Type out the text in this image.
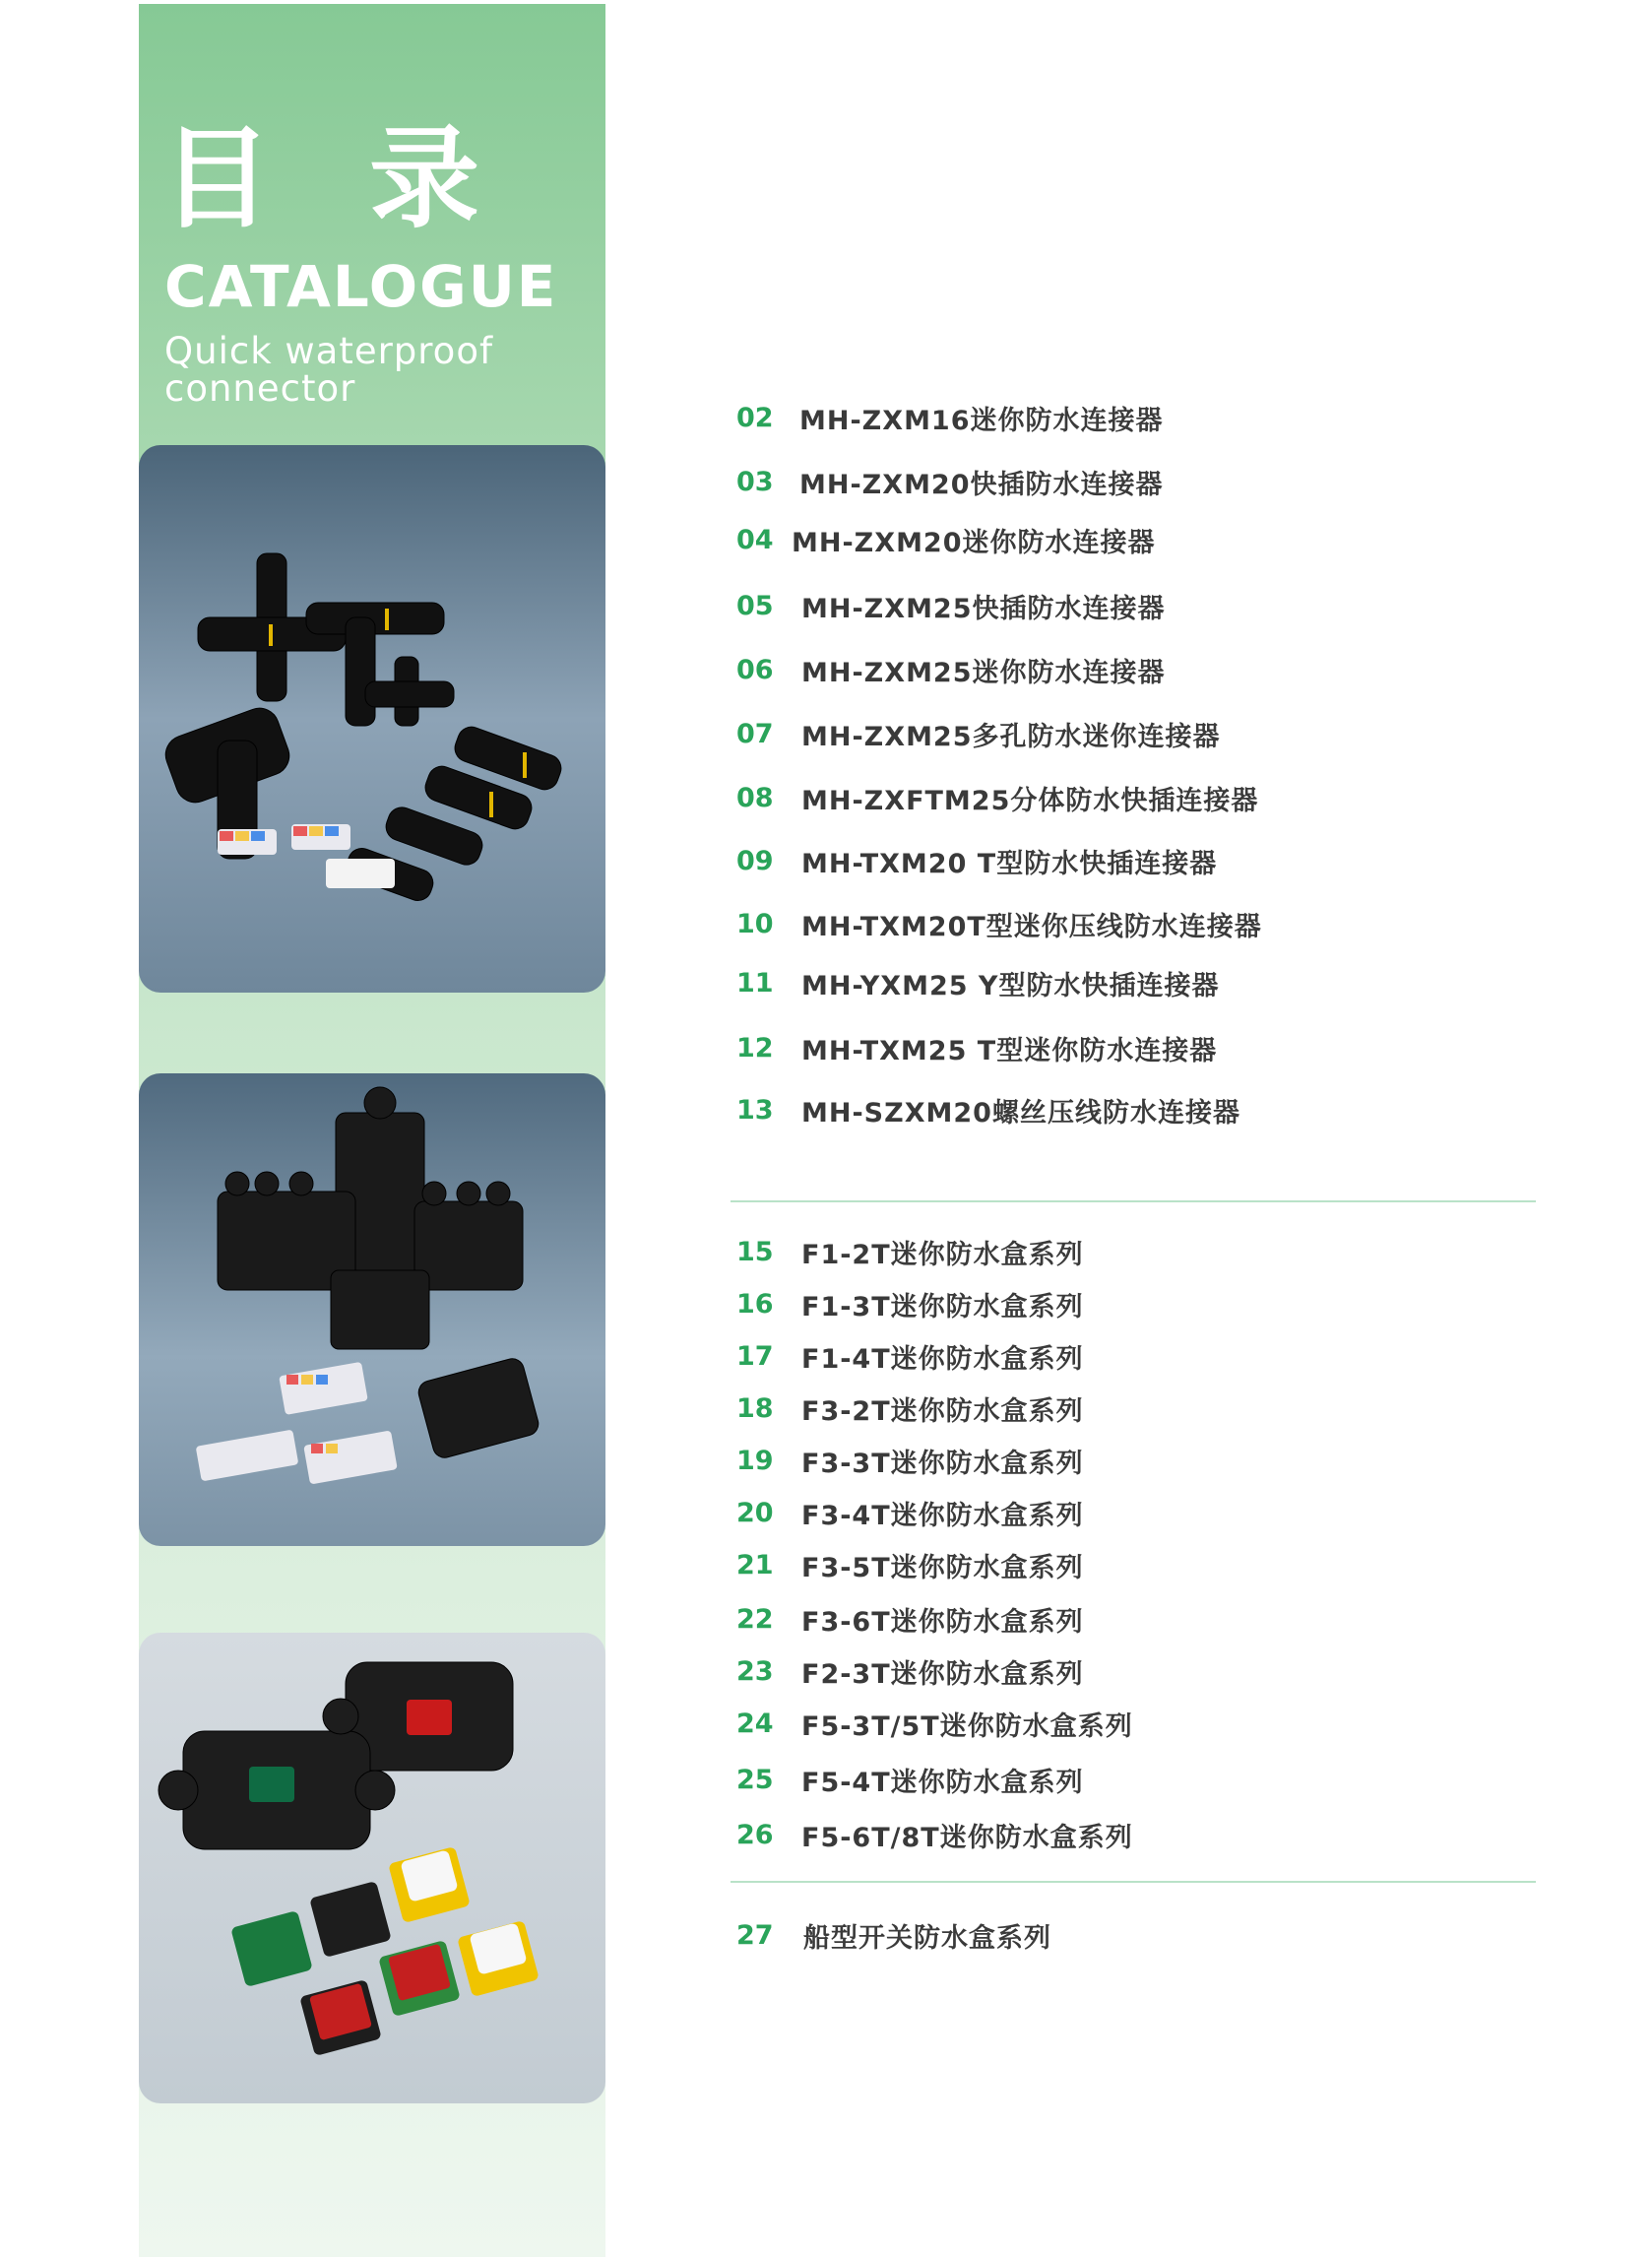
目 录
CATALOGUE
Quick waterproof connector
02 MH-ZXM16迷你防水连接器
03 MH-ZXM20快插防水连接器
04 MH-ZXM20迷你防水连接器
05	MH-ZXM25快插防水连接器
06	MH-ZXM25迷你防水连接器
07	MH-ZXM25多孔防水迷你连接器
08	MH-ZXFTM25分体防水快插连接器
09	MH-TXM20 T型防水快插连接器
10	MH-TXM20T型迷你压线防水连接器
11	MH-YXM25 Y型防水快插连接器
12	MH-TXM25 T型迷你防水连接器
13	MH-SZXM20螺丝压线防水连接器
15	F1-2T迷你防水盒系列
16	F1-3T迷你防水盒系列
17	F1-4T迷你防水盒系列
18	F3-2T迷你防水盒系列
19	F3-3T迷你防水盒系列
20	F3-4T迷你防水盒系列
21	F3-5T迷你防水盒系列
22	F3-6T迷你防水盒系列
23	F2-3T迷你防水盒系列
24	F5-3T/5T迷你防水盒系列
25	F5-4T迷你防水盒系列
26	F5-6T/8T迷你防水盒系列
27	船型开关防水盒系列
